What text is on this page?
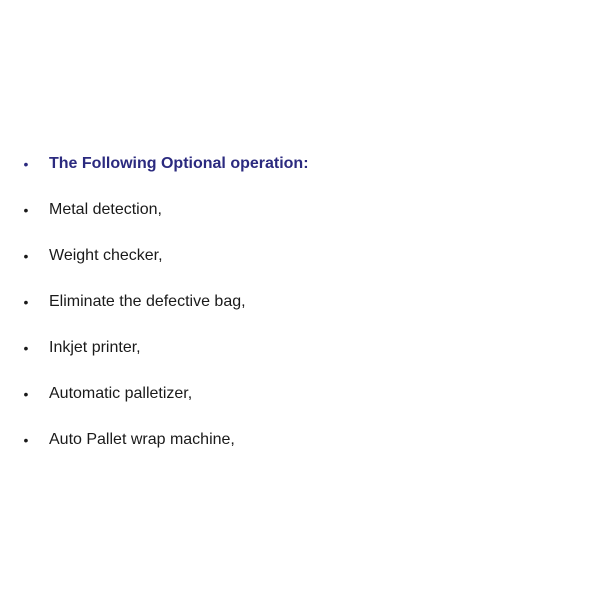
• The Following Optional operation:
• Metal detection,
• Weight checker,
• Eliminate the defective bag,
• Inkjet printer,
• Automatic palletizer,
• Auto Pallet wrap machine,
